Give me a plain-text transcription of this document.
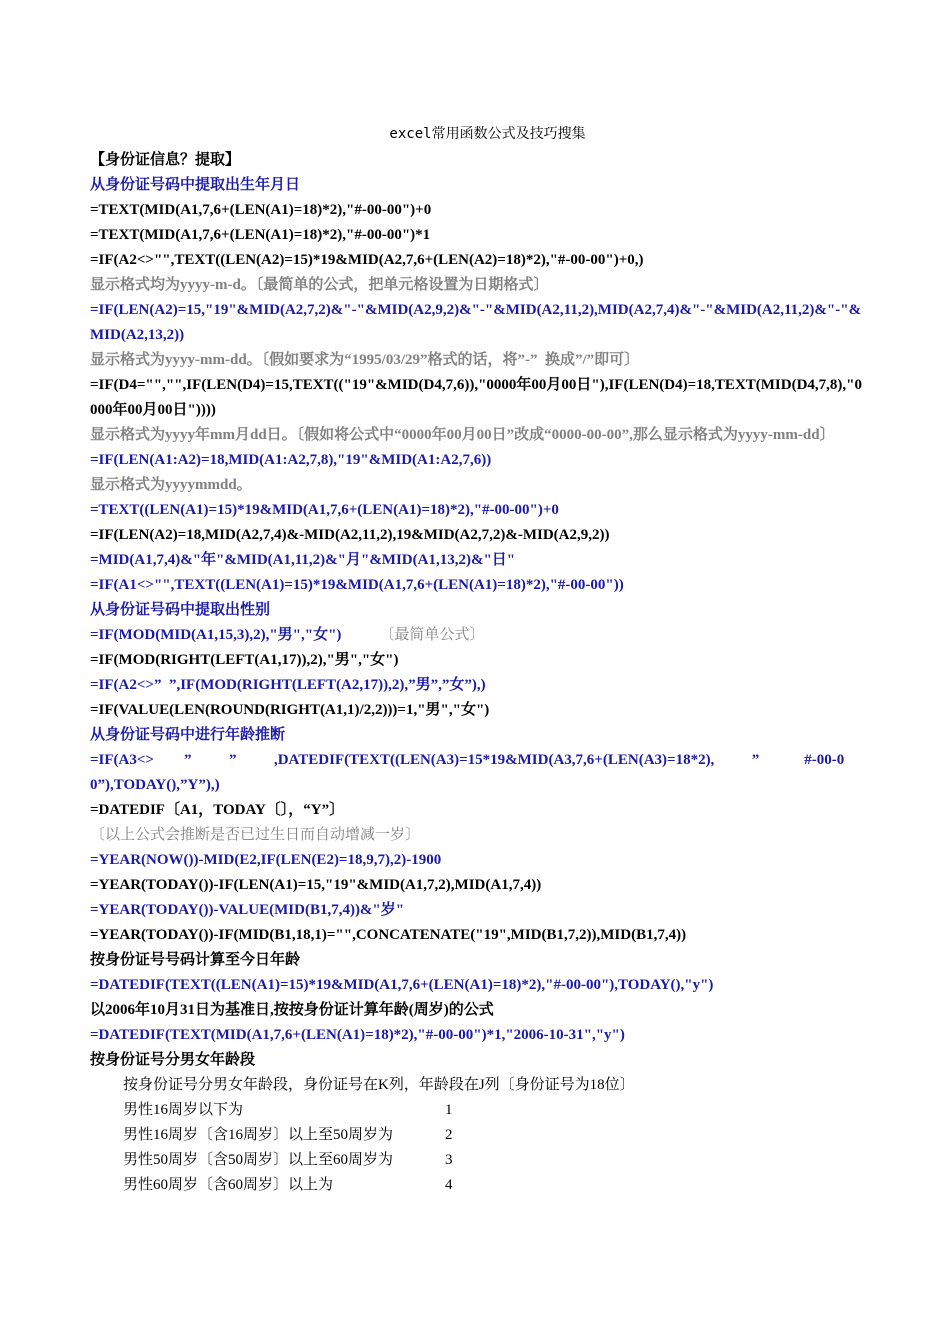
excel常用函数公式及技巧搜集
【身份证信息？提取】
从身份证号码中提取出生年月日
=TEXT(MID(A1,7,6+(LEN(A1)=18)*2),"#-00-00")+0
=TEXT(MID(A1,7,6+(LEN(A1)=18)*2),"#-00-00")*1
=IF(A2<>"",TEXT((LEN(A2)=15)*19&MID(A2,7,6+(LEN(A2)=18)*2),"#-00-00")+0,)
显示格式均为yyyy-m-d。〔最简单的公式，把单元格设置为日期格式〕
=IF(LEN(A2)=15,"19"&MID(A2,7,2)&"-"&MID(A2,9,2)&"-"&MID(A2,11,2),MID(A2,7,4)&"-"&MID(A2,11,2)&"-"&MID(A2,13,2))
显示格式为yyyy-mm-dd。〔假如要求为“1995/03/29”格式的话，将”-”  换成”/”即可〕
=IF(D4="","",IF(LEN(D4)=15,TEXT(("19"&MID(D4,7,6)),"0000年00月00日"),IF(LEN(D4)=18,TEXT(MID(D4,7,8),"0000年00月00日"))))
显示格式为yyyy年mm月dd日。〔假如将公式中“0000年00月00日”改成“0000-00-00”,那么显示格式为yyyy-mm-dd〕
=IF(LEN(A1:A2)=18,MID(A1:A2,7,8),"19"&MID(A1:A2,7,6))
显示格式为yyyymmdd。
=TEXT((LEN(A1)=15)*19&MID(A1,7,6+(LEN(A1)=18)*2),"#-00-00")+0
=IF(LEN(A2)=18,MID(A2,7,4)&-MID(A2,11,2),19&MID(A2,7,2)&-MID(A2,9,2))
=MID(A1,7,4)&"年"&MID(A1,11,2)&"月"&MID(A1,13,2)&"日"
=IF(A1<>"",TEXT((LEN(A1)=15)*19&MID(A1,7,6+(LEN(A1)=18)*2),"#-00-00"))
从身份证号码中提取出性别
=IF(MOD(MID(A1,15,3),2),"男","女")	〔最简单公式〕
=IF(MOD(RIGHT(LEFT(A1,17)),2),"男","女")
=IF(A2<>”  ”,IF(MOD(RIGHT(LEFT(A2,17)),2),”男”,”女”),)
=IF(VALUE(LEN(ROUND(RIGHT(A1,1)/2,2)))=1,"男","女")
从身份证号码中进行年龄推断
=IF(A3<>        ”          ”          ,DATEDIF(TEXT((LEN(A3)=15*19&MID(A3,7,6+(LEN(A3)=18*2),          ”            #-00-00”),TODAY(),”Y”),)
=DATEDIF〔A1，TODAY〔〕，“Y”〕
〔以上公式会推断是否已过生日而自动增减一岁〕
=YEAR(NOW())-MID(E2,IF(LEN(E2)=18,9,7),2)-1900
=YEAR(TODAY())-IF(LEN(A1)=15,"19"&MID(A1,7,2),MID(A1,7,4))
=YEAR(TODAY())-VALUE(MID(B1,7,4))&"岁"
=YEAR(TODAY())-IF(MID(B1,18,1)="",CONCATENATE("19",MID(B1,7,2)),MID(B1,7,4))
按身份证号号码计算至今日年龄
=DATEDIF(TEXT((LEN(A1)=15)*19&MID(A1,7,6+(LEN(A1)=18)*2),"#-00-00"),TODAY(),"y")
以2006年10月31日为基准日,按按身份证计算年龄(周岁)的公式
=DATEDIF(TEXT(MID(A1,7,6+(LEN(A1)=18)*2),"#-00-00")*1,"2006-10-31","y")
按身份证号分男女年龄段
按身份证号分男女年龄段，身份证号在K列，年龄段在J列〔身份证号为18位〕
男性16周岁以下为	1
男性16周岁〔含16周岁〕以上至50周岁为	2
男性50周岁〔含50周岁〕以上至60周岁为	3
男性60周岁〔含60周岁〕以上为	4
